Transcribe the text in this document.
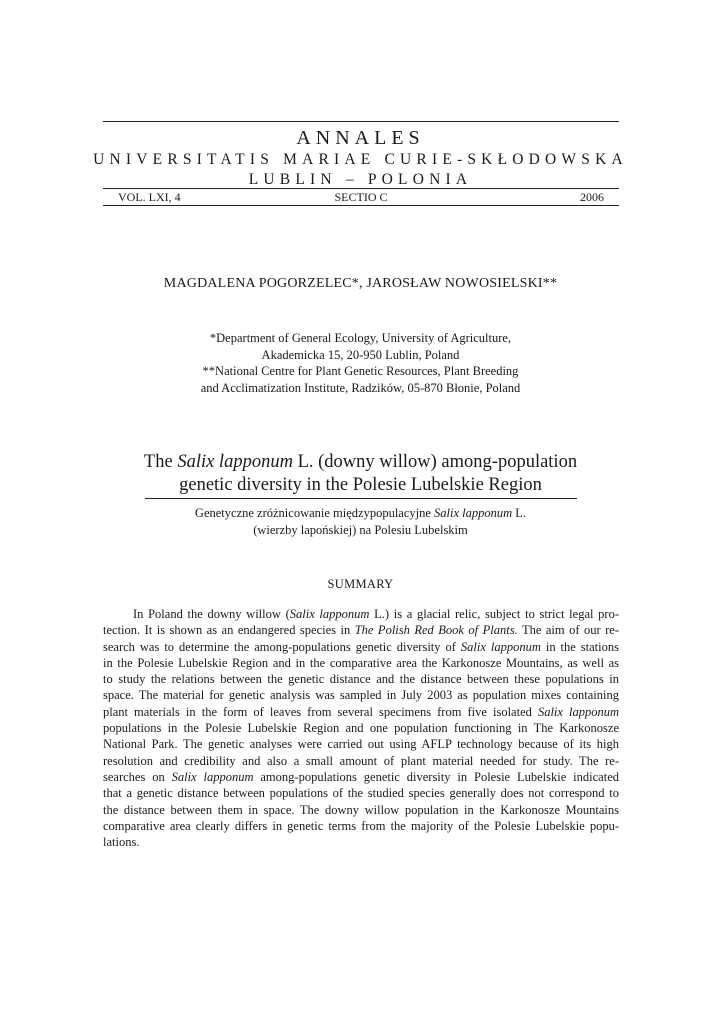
ANNALES
UNIVERSITATIS MARIAE CURIE-SKŁODOWSKA
LUBLIN – POLONIA
VOL. LXI, 4	SECTIO C	2006
MAGDALENA POGORZELEC*, JAROSŁAW NOWOSIELSKI**
*Department of General Ecology, University of Agriculture,
Akademicka 15, 20-950 Lublin, Poland
**National Centre for Plant Genetic Resources, Plant Breeding
and Acclimatization Institute, Radzików, 05-870 Błonie, Poland
The Salix lapponum L. (downy willow) among-population
genetic diversity in the Polesie Lubelskie Region
Genetyczne zróżnicowanie międzypopulacyjne Salix lapponum L.
(wierzby lapońskiej) na Polesiu Lubelskim
SUMMARY
In Poland the downy willow (Salix lapponum L.) is a glacial relic, subject to strict legal pro-
tection. It is shown as an endangered species in The Polish Red Book of Plants. The aim of our re-
search was to determine the among-populations genetic diversity of Salix lapponum in the stations
in the Polesie Lubelskie Region and in the comparative area the Karkonosze Mountains, as well as
to study the relations between the genetic distance and the distance between these populations in
space. The material for genetic analysis was sampled in July 2003 as population mixes containing
plant materials in the form of leaves from several specimens from five isolated Salix lapponum
populations in the Polesie Lubelskie Region and one population functioning in The Karkonosze
National Park. The genetic analyses were carried out using AFLP technology because of its high
resolution and credibility and also a small amount of plant material needed for study. The re-
searches on Salix lapponum among-populations genetic diversity in Polesie Lubelskie indicated
that a genetic distance between populations of the studied species generally does not correspond to
the distance between them in space. The downy willow population in the Karkonosze Mountains
comparative area clearly differs in genetic terms from the majority of the Polesie Lubelskie popu-
lations.
